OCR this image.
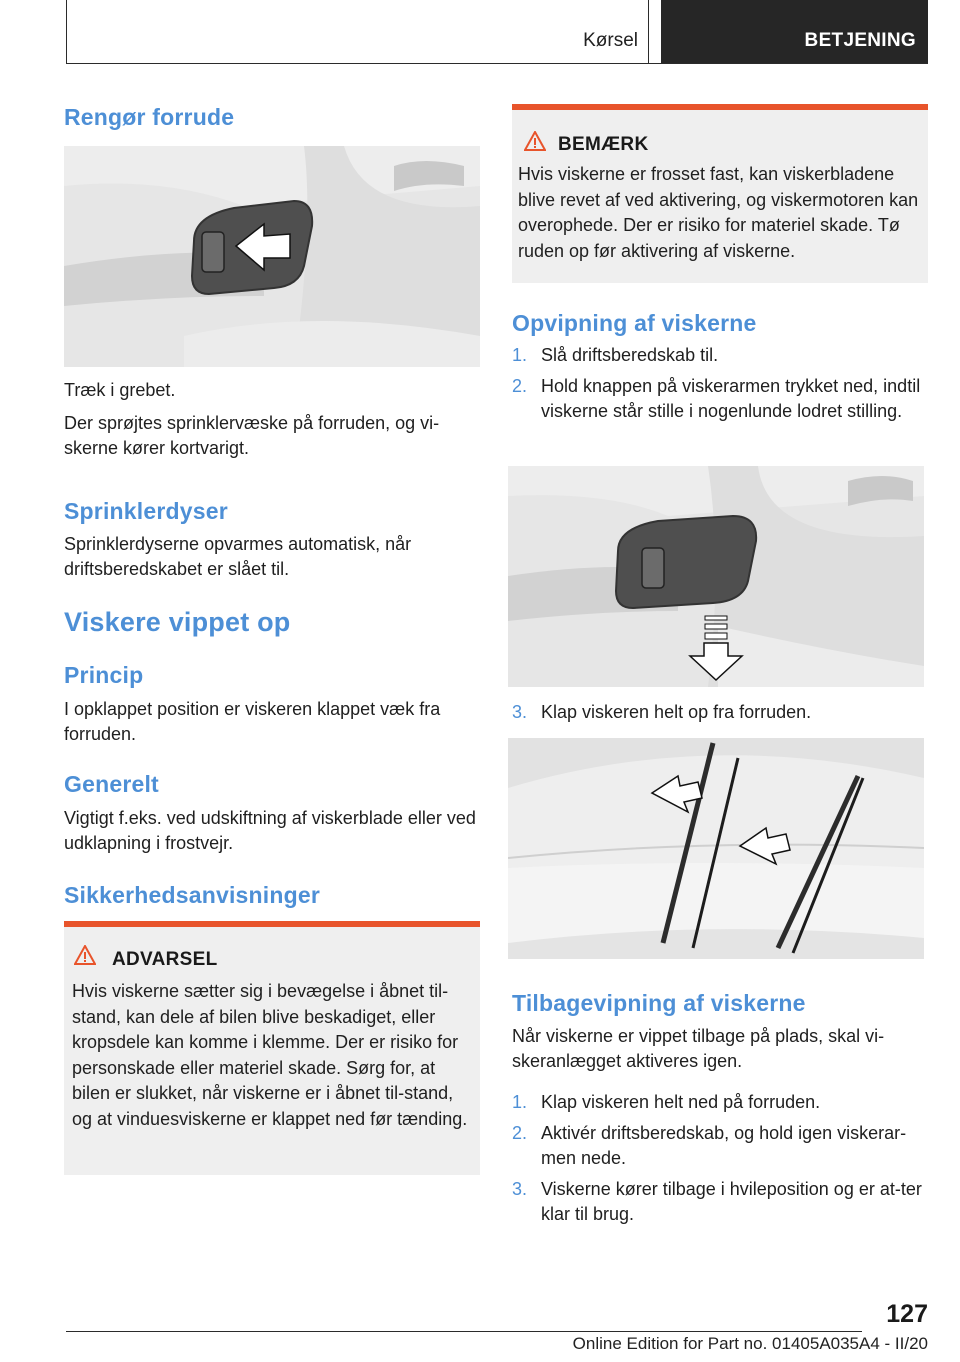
Kørsel	BETJENING
Rengør forrude

Træk i grebet.

Der sprøjtes sprinklervæske på forruden, og vi-skerne kører kortvarigt.

Sprinklerdyser

Sprinklerdyserne opvarmes automatisk, når driftsberedskabet er slået til.

Viskere vippet op
Princip

I opklappet position er viskeren klappet væk fra forruden.

Generelt

Vigtigt f.eks. ved udskiftning af viskerblade eller ved udklapning i frostvejr.

Sikkerhedsanvisninger
ADVARSEL
Hvis viskerne sætter sig i bevægelse i åbnet til-stand, kan dele af bilen blive beskadiget, eller kropsdele kan komme i klemme. Der er risiko for personskade eller materiel skade. Sørg for, at bilen er slukket, når viskerne er i åbnet til-stand, og at vinduesviskerne er klappet ned før tænding.
BEMÆRK
Hvis viskerne er frosset fast, kan viskerbladene blive revet af ved aktivering, og viskermotoren kan overophede. Der er risiko for materiel skade. Tø ruden op før aktivering af viskerne.
Opvipning af viskerne
1. Slå driftsberedskab til.
2. Hold knappen på viskerarmen trykket ned, indtil viskerne står stille i nogenlunde lodret stilling.
3. Klap viskeren helt op fra forruden.
Tilbagevipning af viskerne

Når viskerne er vippet tilbage på plads, skal vi-skeranlægget aktiveres igen.

1. Klap viskeren helt ned på forruden.
2. Aktivér driftsberedskab, og hold igen viskerar-men nede.
3. Viskerne kører tilbage i hvileposition og er at-ter klar til brug.
127
Online Edition for Part no. 01405A035A4 - II/20
